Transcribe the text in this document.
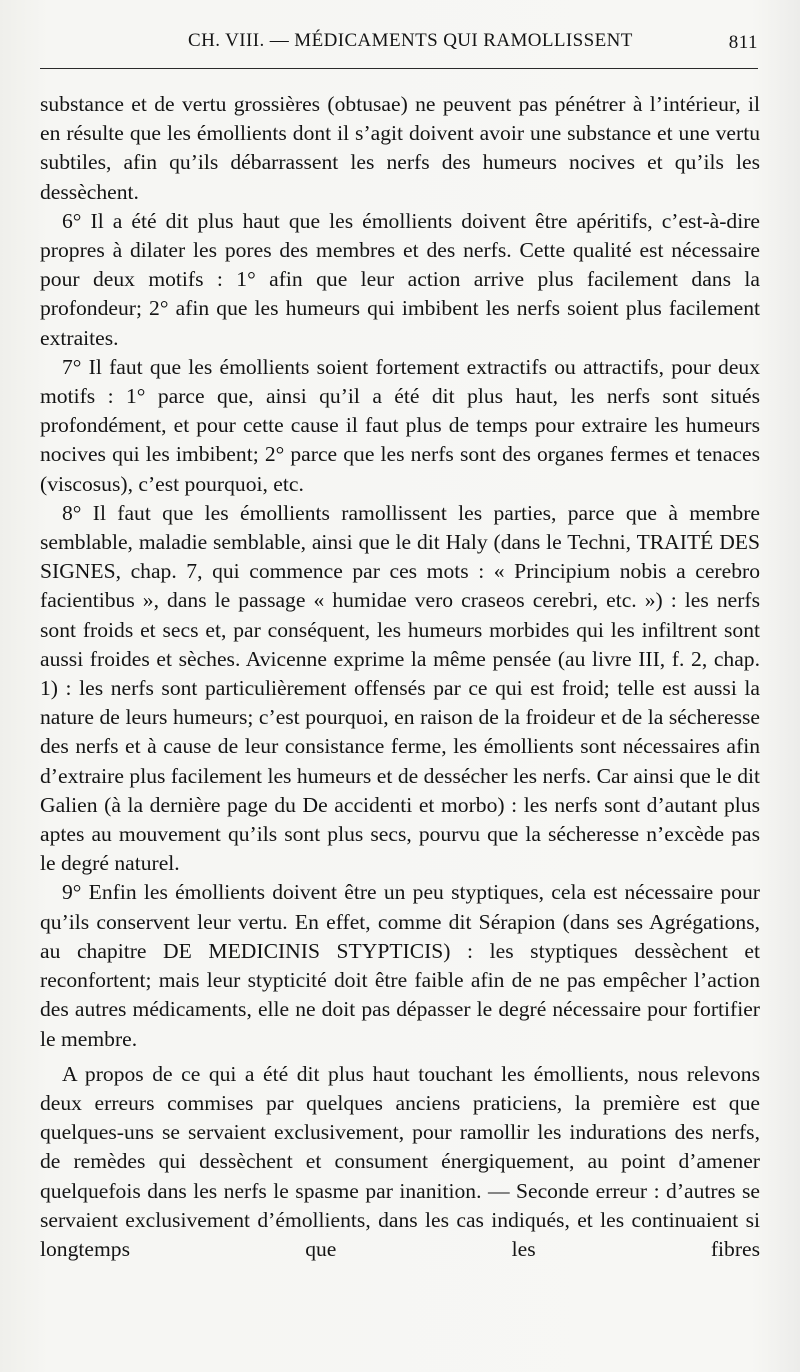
CH. VIII. — MÉDICAMENTS QUI RAMOLLISSENT	811

substance et de vertu grossières (obtusae) ne peuvent pas pénétrer à l’intérieur, il en résulte que les émollients dont il s’agit doivent avoir une substance et une vertu subtiles, afin qu’ils débarrassent les nerfs des humeurs nocives et qu’ils les dessèchent.

6° Il a été dit plus haut que les émollients doivent être apéritifs, c’est-à-dire propres à dilater les pores des membres et des nerfs. Cette qualité est nécessaire pour deux motifs : 1° afin que leur action arrive plus facilement dans la profondeur; 2° afin que les humeurs qui imbibent les nerfs soient plus facilement extraites.

7° Il faut que les émollients soient fortement extractifs ou attractifs, pour deux motifs : 1° parce que, ainsi qu’il a été dit plus haut, les nerfs sont situés profondément, et pour cette cause il faut plus de temps pour extraire les humeurs nocives qui les imbibent; 2° parce que les nerfs sont des organes fermes et tenaces (viscosus), c’est pourquoi, etc.

8° Il faut que les émollients ramollissent les parties, parce que à membre semblable, maladie semblable, ainsi que le dit Haly (dans le Techni, TRAITÉ DES SIGNES, chap. 7, qui commence par ces mots : « Principium nobis a cerebro facientibus », dans le passage « humidae vero craseos cerebri, etc. ») : les nerfs sont froids et secs et, par conséquent, les humeurs morbides qui les infiltrent sont aussi froides et sèches. Avicenne exprime la même pensée (au livre III, f. 2, chap. 1) : les nerfs sont particulièrement offensés par ce qui est froid; telle est aussi la nature de leurs humeurs; c’est pourquoi, en raison de la froideur et de la sécheresse des nerfs et à cause de leur consistance ferme, les émollients sont nécessaires afin d’extraire plus facilement les humeurs et de dessécher les nerfs. Car ainsi que le dit Galien (à la dernière page du De accidenti et morbo) : les nerfs sont d’autant plus aptes au mouvement qu’ils sont plus secs, pourvu que la sécheresse n’excède pas le degré naturel.

9° Enfin les émollients doivent être un peu styptiques, cela est nécessaire pour qu’ils conservent leur vertu. En effet, comme dit Sérapion (dans ses Agrégations, au chapitre DE MEDICINIS STYPTICIS) : les styptiques dessèchent et reconfortent; mais leur stypticité doit être faible afin de ne pas empêcher l’action des autres médicaments, elle ne doit pas dépasser le degré nécessaire pour fortifier le membre.

A propos de ce qui a été dit plus haut touchant les émollients, nous relevons deux erreurs commises par quelques anciens praticiens, la première est que quelques-uns se servaient exclusivement, pour ramollir les indurations des nerfs, de remèdes qui dessèchent et consument énergiquement, au point d’amener quelquefois dans les nerfs le spasme par inanition. — Seconde erreur : d’autres se servaient exclusivement d’émollients, dans les cas indiqués, et les continuaient si longtemps que les fibres
